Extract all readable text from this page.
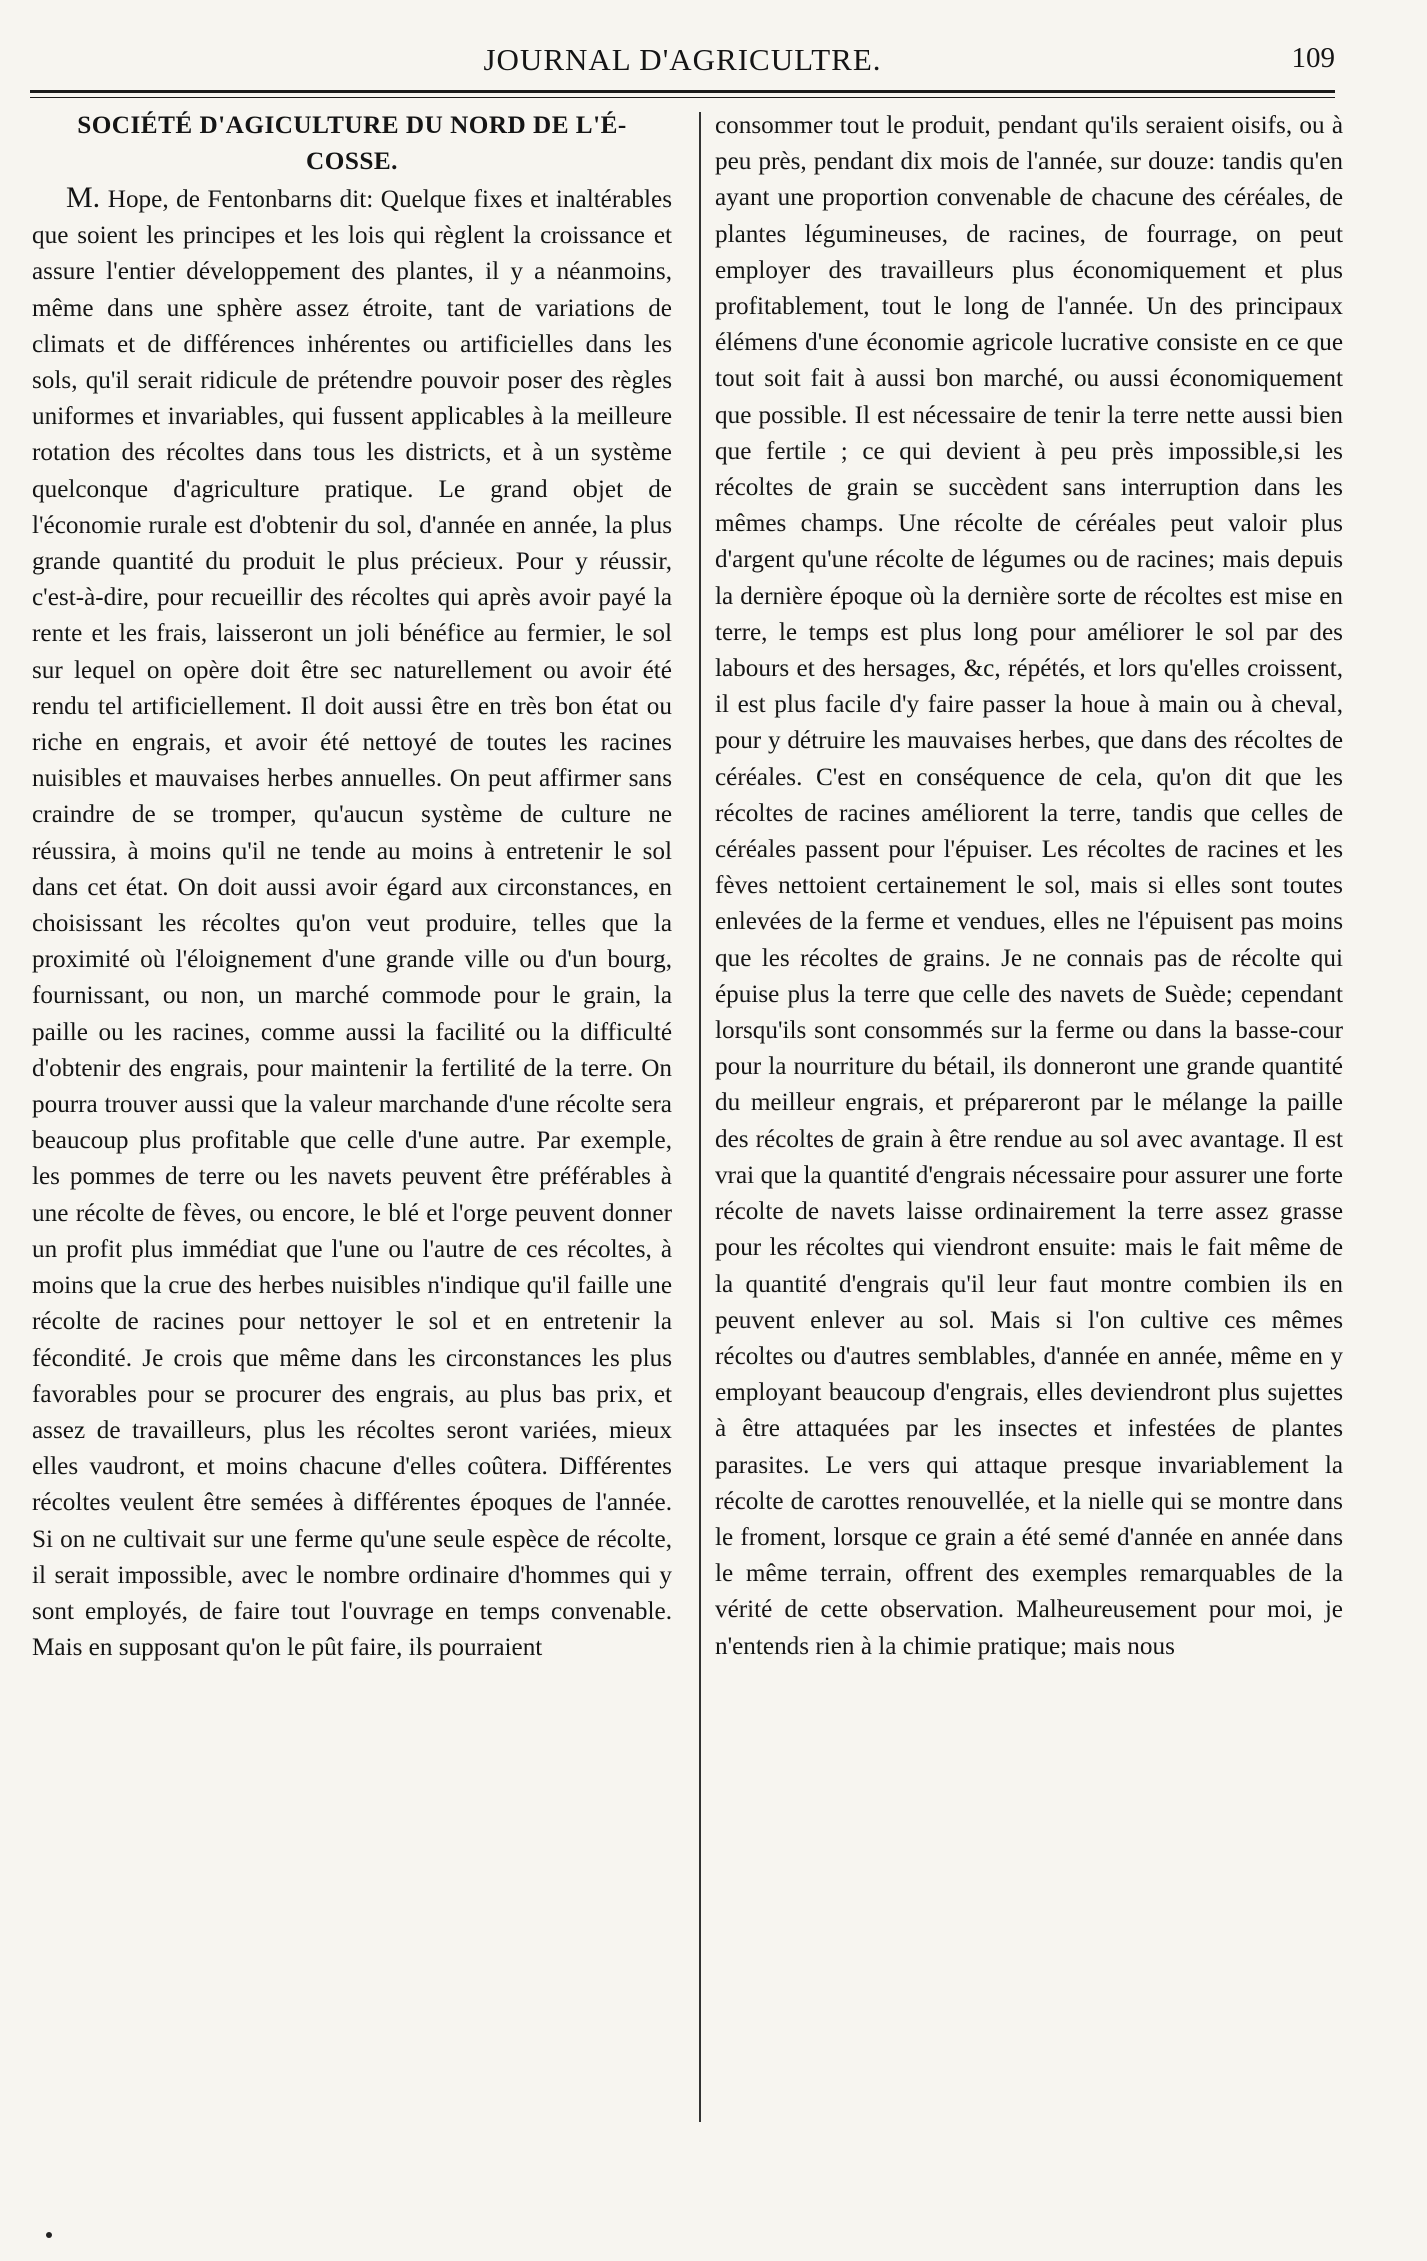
JOURNAL D'AGRICULTRE.	109
SOCIÉTÉ D'AGICULTURE DU NORD DE L'É-COSSE.

M. Hope, de Fentonbarns dit: Quelque fixes et inaltérables que soient les principes et les lois qui règlent la croissance et assure l'entier développement des plantes, il y a néanmoins, même dans une sphère assez étroite, tant de variations de climats et de différences inhérentes ou artificielles dans les sols, qu'il serait ridicule de prétendre pouvoir poser des règles uniformes et invariables, qui fussent applicables à la meilleure rotation des récoltes dans tous les districts, et à un système quelconque d'agriculture pratique. Le grand objet de l'économie rurale est d'obtenir du sol, d'année en année, la plus grande quantité du produit le plus précieux. Pour y réussir, c'est-à-dire, pour recueillir des récoltes qui après avoir payé la rente et les frais, laisseront un joli bénéfice au fermier, le sol sur lequel on opère doit être sec naturellement ou avoir été rendu tel artificiellement. Il doit aussi être en très bon état ou riche en engrais, et avoir été nettoyé de toutes les racines nuisibles et mauvaises herbes annuelles. On peut affirmer sans craindre de se tromper, qu'aucun système de culture ne réussira, à moins qu'il ne tende au moins à entretenir le sol dans cet état. On doit aussi avoir égard aux circonstances, en choisissant les récoltes qu'on veut produire, telles que la proximité où l'éloignement d'une grande ville ou d'un bourg, fournissant, ou non, un marché commode pour le grain, la paille ou les racines, comme aussi la facilité ou la difficulté d'obtenir des engrais, pour maintenir la fertilité de la terre. On pourra trouver aussi que la valeur marchande d'une récolte sera beaucoup plus profitable que celle d'une autre. Par exemple, les pommes de terre ou les navets peuvent être préférables à une récolte de fèves, ou encore, le blé et l'orge peuvent donner un profit plus immédiat que l'une ou l'autre de ces récoltes, à moins que la crue des herbes nuisibles n'indique qu'il faille une récolte de racines pour nettoyer le sol et en entretenir la fécondité. Je crois que même dans les circonstances les plus favorables pour se procurer des engrais, au plus bas prix, et assez de travailleurs, plus les récoltes seront variées, mieux elles vaudront, et moins chacune d'elles coûtera. Différentes récoltes veulent être semées à différentes époques de l'année. Si on ne cultivait sur une ferme qu'une seule espèce de récolte, il serait impossible, avec le nombre ordinaire d'hommes qui y sont employés, de faire tout l'ouvrage en temps convenable. Mais en supposant qu'on le pût faire, ils pourraient

consommer tout le produit, pendant qu'ils seraient oisifs, ou à peu près, pendant dix mois de l'année, sur douze: tandis qu'en ayant une proportion convenable de chacune des céréales, de plantes légumineuses, de racines, de fourrage, on peut employer des travailleurs plus économiquement et plus profitablement, tout le long de l'année. Un des principaux élémens d'une économie agricole lucrative consiste en ce que tout soit fait à aussi bon marché, ou aussi économiquement que possible. Il est nécessaire de tenir la terre nette aussi bien que fertile ; ce qui devient à peu près impossible,si les récoltes de grain se succèdent sans interruption dans les mêmes champs. Une récolte de céréales peut valoir plus d'argent qu'une récolte de légumes ou de racines; mais depuis la dernière époque où la dernière sorte de récoltes est mise en terre, le temps est plus long pour améliorer le sol par des labours et des hersages, &c, répétés, et lors qu'elles croissent, il est plus facile d'y faire passer la houe à main ou à cheval, pour y détruire les mauvaises herbes, que dans des récoltes de céréales. C'est en conséquence de cela, qu'on dit que les récoltes de racines améliorent la terre, tandis que celles de céréales passent pour l'épuiser. Les récoltes de racines et les fèves nettoient certainement le sol, mais si elles sont toutes enlevées de la ferme et vendues, elles ne l'épuisent pas moins que les récoltes de grains. Je ne connais pas de récolte qui épuise plus la terre que celle des navets de Suède; cependant lorsqu'ils sont consommés sur la ferme ou dans la basse-cour pour la nourriture du bétail, ils donneront une grande quantité du meilleur engrais, et prépareront par le mélange la paille des récoltes de grain à être rendue au sol avec avantage. Il est vrai que la quantité d'engrais nécessaire pour assurer une forte récolte de navets laisse ordinairement la terre assez grasse pour les récoltes qui viendront ensuite: mais le fait même de la quantité d'engrais qu'il leur faut montre combien ils en peuvent enlever au sol. Mais si l'on cultive ces mêmes récoltes ou d'autres semblables, d'année en année, même en y employant beaucoup d'engrais, elles deviendront plus sujettes à être attaquées par les insectes et infestées de plantes parasites. Le vers qui attaque presque invariablement la récolte de carottes renouvellée, et la nielle qui se montre dans le froment, lorsque ce grain a été semé d'année en année dans le même terrain, offrent des exemples remarquables de la vérité de cette observation. Malheureusement pour moi, je n'entends rien à la chimie pratique; mais nous
